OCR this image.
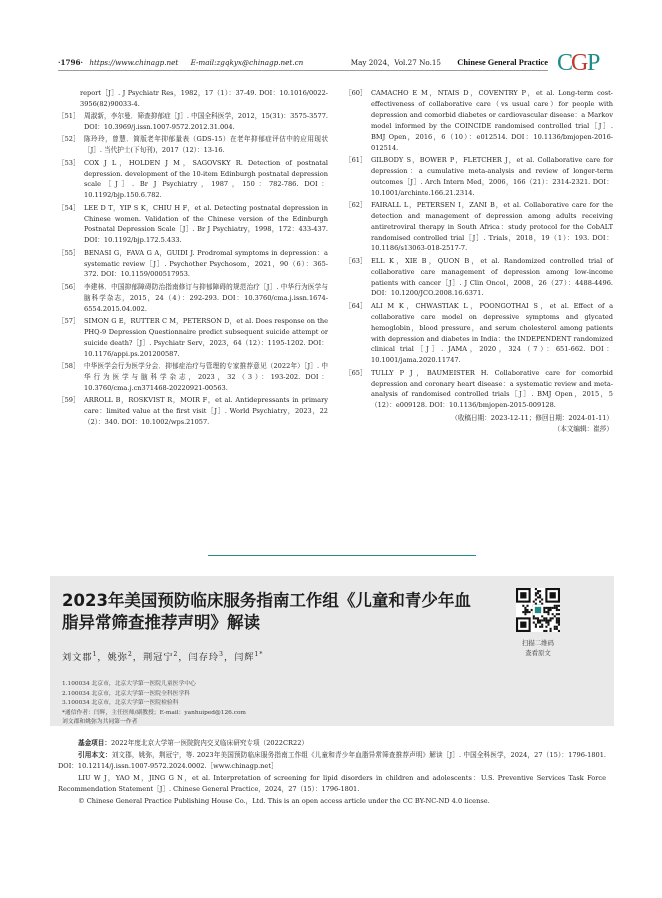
·1796· https://www.chinagp.net E-mail:zgqkyx@chinagp.net.cn	May 2024，Vol.27 No.15 Chinese General Practice C
G
P
report［J］. J Psychiatr Res，1982，17（1）：37-49. DOI：10.1016/0022-3956(82)90033-4.
［51］ 周淑新，李尔曼．筛查抑郁症［J］. 中国全科医学，2012，15(31)：3575-3577. DOI：10.3969/j.issn.1007-9572.2012.31.004.
［52］ 陈玲玲，曾慧．简版老年抑郁量表（GDS-15）在老年抑郁症评估中的应用现状［J］. 当代护士(下旬刊)，2017（12）：13-16.
［53］ COX J L，HOLDEN J M，SAGOVSKY R. Detection of postnatal depression. development of the 10-item Edinburgh postnatal depression scale［J］. Br J Psychiatry，1987，150：782-786. DOI：10.1192/bjp.150.6.782.
［54］ LEE D T，YIP S K，CHIU H F，et al. Detecting postnatal depression in Chinese women. Validation of the Chinese version of the Edinburgh Postnatal Depression Scale［J］. Br J Psychiatry，1998，172：433-437. DOI：10.1192/bjp.172.5.433.
［55］ BENASI G，FAVA G A，GUIDI J. Prodromal symptoms in depression：a systematic review［J］. Psychother Psychosom，2021，90（6）：365-372. DOI：10.1159/000517953.
［56］ 李建林．中国抑郁障碍防治指南修订与抑郁障碍的规范治疗［J］. 中华行为医学与脑科学杂志，2015，24（4）：292-293. DOI：10.3760/cma.j.issn.1674-6554.2015.04.002.
［57］ SIMON G E，RUTTER C M，PETERSON D，et al. Does response on the PHQ-9 Depression Questionnaire predict subsequent suicide attempt or suicide death?［J］. Psychiatr Serv，2023，64（12）：1195-1202. DOI：10.1176/appi.ps.201200587.
［58］ 中华医学会行为医学分会．抑郁症治疗与管理的专家推荐意见（2022年）［J］. 中华行为医学与脑科学杂志，2023，32（3）：193-202. DOI：10.3760/cma.j.cn371468-20220921-00563.
［59］ ARROLL B，ROSKVIST R，MOIR F，et al. Antidepressants in primary care：limited value at the first visit［J］. World Psychiatry，2023，22（2）：340. DOI：10.1002/wps.21057.
［60］ CAMACHO E M，NTAIS D，COVENTRY P，et al. Long-term cost-effectiveness of collaborative care（vs usual care）for people with depression and comorbid diabetes or cardiovascular disease：a Markov model informed by the COINCIDE randomised controlled trial［J］. BMJ Open，2016，6（10）：e012514. DOI：10.1136/bmjopen-2016-012514.
［61］ GILBODY S，BOWER P，FLETCHER J，et al. Collaborative care for depression：a cumulative meta-analysis and review of longer-term outcomes［J］. Arch Intern Med，2006，166（21）：2314-2321. DOI：10.1001/archinte.166.21.2314.
［62］ FAIRALL L，PETERSEN I，ZANI B，et al. Collaborative care for the detection and management of depression among adults receiving antiretroviral therapy in South Africa：study protocol for the CobALT randomised controlled trial［J］. Trials，2018，19（1）：193. DOI：10.1186/s13063-018-2517-7.
［63］ ELL K，XIE B，QUON B，et al. Randomized controlled trial of collaborative care management of depression among low-income patients with cancer［J］. J Clin Oncol，2008，26（27）：4488-4496. DOI：10.1200/JCO.2008.16.6371.
［64］ ALI M K，CHWASTIAK L，POONGOTHAI S，et al. Effect of a collaborative care model on depressive symptoms and glycated hemoglobin，blood pressure，and serum cholesterol among patients with depression and diabetes in India：the INDEPENDENT randomized clinical trial［J］. JAMA，2020，324（7）：651-662. DOI：10.1001/jama.2020.11747.
［65］ TULLY P J，BAUMEISTER H. Collaborative care for comorbid depression and coronary heart disease：a systematic review and meta-analysis of randomised controlled trials［J］. BMJ Open，2015，5（12）：e009128. DOI：10.1136/bmjopen-2015-009128.
（收稿日期：2023-12-11；修回日期：2024-01-11）
（本文编辑：崔莎）
2023年美国预防临床服务指南工作组《儿童和青少年血脂异常筛查推荐声明》解读
刘文郡$^1$，姚弥$^2$，荆冠宁$^2$，闫存玲$^3$，闫辉$^{1*}$
1.100034 北京市，北京大学第一医院儿童医学中心
2.100034 北京市，北京大学第一医院全科医学科
3.100034 北京市，北京大学第一医院检验科
*通信作者：闫辉，主任医师/副教授；E-mail：yanhuiped@126.com
刘文郡和姚弥为共同第一作者
扫描二维码
查看原文

基金项目：2022年度北京大学第一医院院内交叉临床研究专项（2022CR22）

引用本文：刘文郡，姚弥，荆冠宁，等. 2023年美国预防临床服务指南工作组《儿童和青少年血脂异常筛查推荐声明》解读［J］. 中国全科医学，2024，27（15）：1796-1801. DOI：10.12114/j.issn.1007-9572.2024.0002.［www.chinagp.net］

LIU W J，YAO M，JING G N，et al. Interpretation of screening for lipid disorders in children and adolescents：U.S. Preventive Services Task Force Recommendation Statement［J］. Chinese General Practice，2024，27（15）：1796-1801.

© Chinese General Practice Publishing House Co.，Ltd. This is an open access article under the CC BY-NC-ND 4.0 license.
